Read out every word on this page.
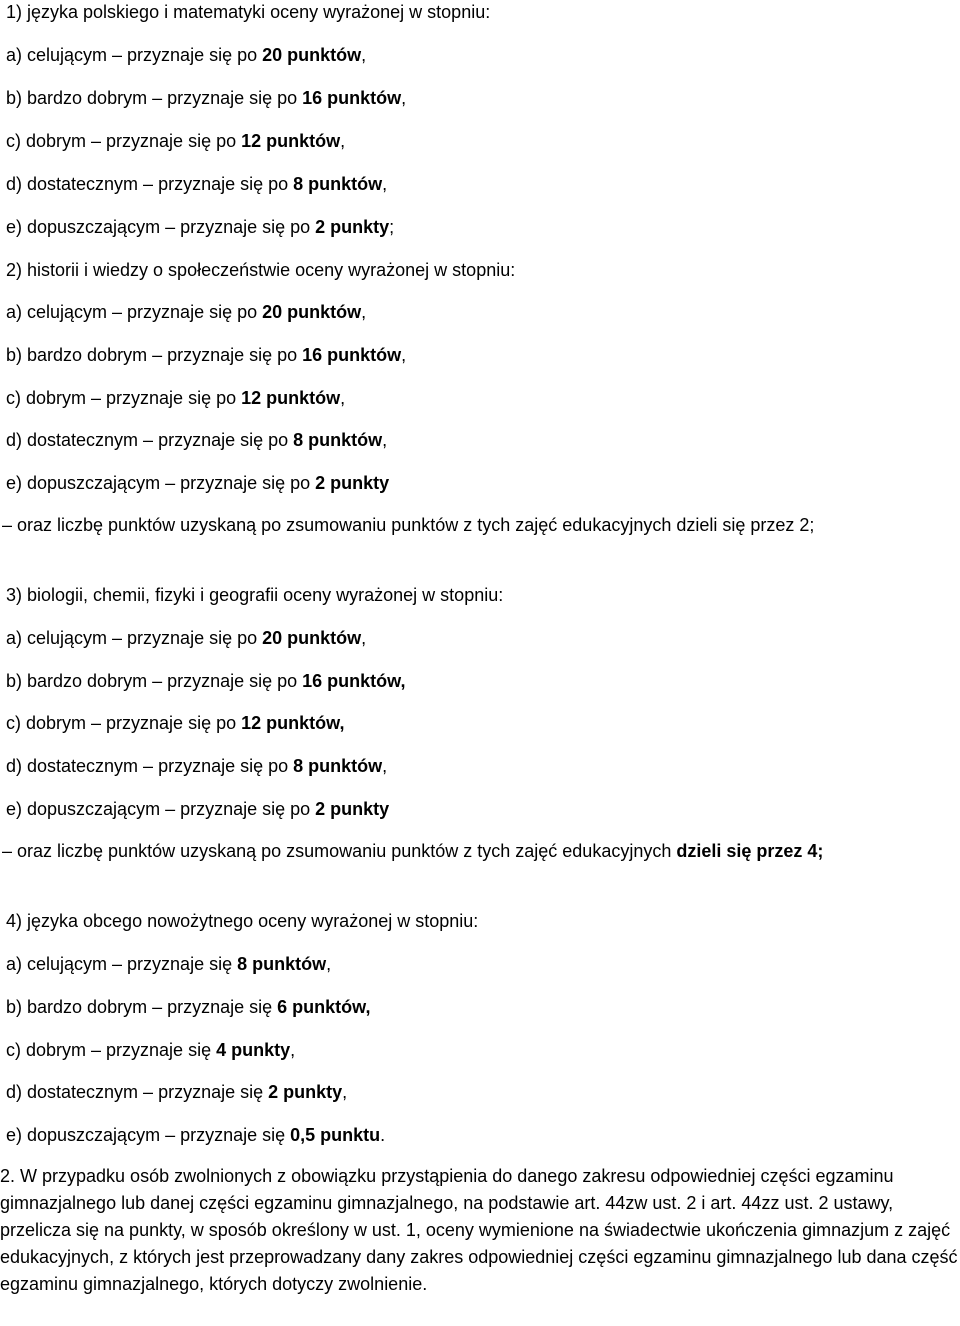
1) języka polskiego i matematyki oceny wyrażonej w stopniu:
a) celującym – przyznaje się po 20 punktów,
b) bardzo dobrym – przyznaje się po 16 punktów,
c) dobrym – przyznaje się po 12 punktów,
d) dostatecznym – przyznaje się po 8 punktów,
e) dopuszczającym – przyznaje się po 2 punkty;
2) historii i wiedzy o społeczeństwie oceny wyrażonej w stopniu:
a) celującym – przyznaje się po 20 punktów,
b) bardzo dobrym – przyznaje się po 16 punktów,
c) dobrym – przyznaje się po 12 punktów,
d) dostatecznym – przyznaje się po 8 punktów,
e) dopuszczającym – przyznaje się po 2 punkty
– oraz liczbę punktów uzyskaną po zsumowaniu punktów z tych zajęć edukacyjnych dzieli się przez 2;
3) biologii, chemii, fizyki i geografii oceny wyrażonej w stopniu:
a) celującym – przyznaje się po 20 punktów,
b) bardzo dobrym – przyznaje się po 16 punktów,
c) dobrym – przyznaje się po 12 punktów,
d) dostatecznym – przyznaje się po 8 punktów,
e) dopuszczającym – przyznaje się po 2 punkty
– oraz liczbę punktów uzyskaną po zsumowaniu punktów z tych zajęć edukacyjnych dzieli się przez 4;
4) języka obcego nowożytnego oceny wyrażonej w stopniu:
a) celującym – przyznaje się 8 punktów,
b) bardzo dobrym – przyznaje się 6 punktów,
c) dobrym – przyznaje się 4 punkty,
d) dostatecznym – przyznaje się 2 punkty,
e) dopuszczającym – przyznaje się 0,5 punktu.
2. W przypadku osób zwolnionych z obowiązku przystąpienia do danego zakresu odpowiedniej części egzaminu gimnazjalnego lub danej części egzaminu gimnazjalnego, na podstawie art. 44zw ust. 2 i art. 44zz ust. 2 ustawy, przelicza się na punkty, w sposób określony w ust. 1, oceny wymienione na świadectwie ukończenia gimnazjum z zajęć edukacyjnych, z których jest przeprowadzany dany zakres odpowiedniej części egzaminu gimnazjalnego lub dana część egzaminu gimnazjalnego, których dotyczy zwolnienie.
